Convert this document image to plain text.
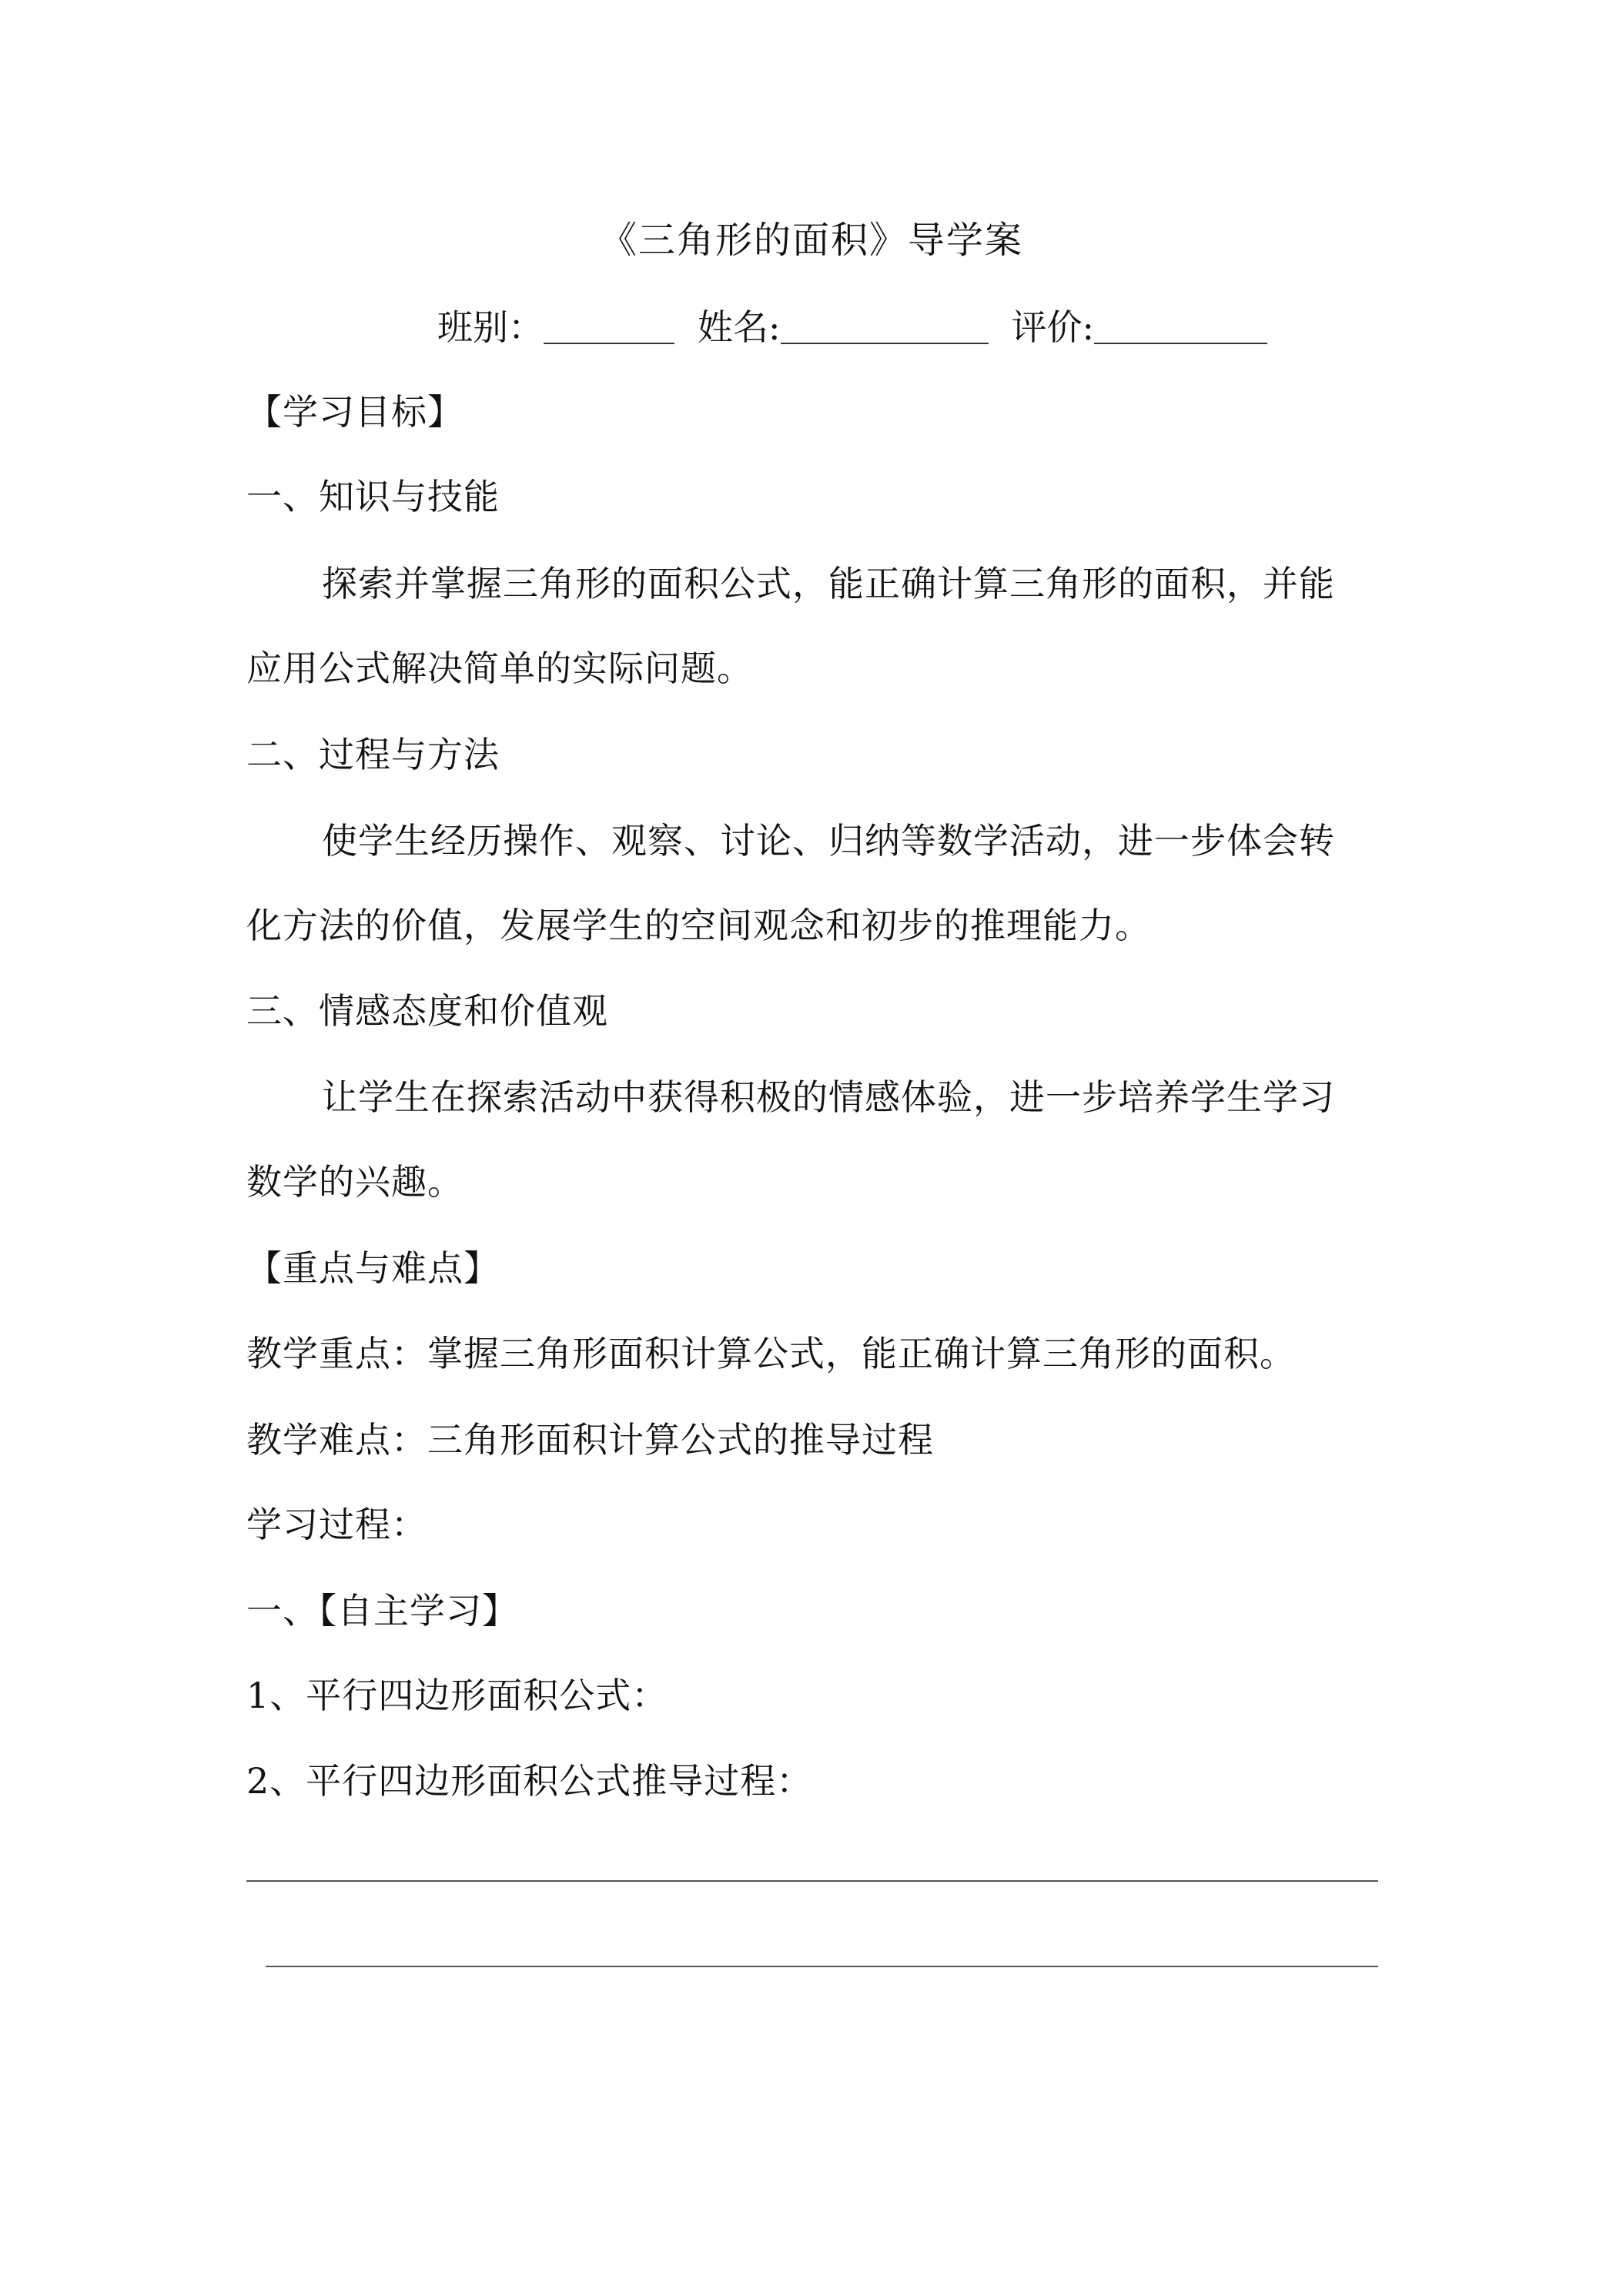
《三角形的面积》导学案
班别：	姓名:	评价:
【学习目标】
一、知识与技能
探索并掌握三角形的面积公式，能正确计算三角形的面积，并能
应用公式解决简单的实际问题。
二、过程与方法
使学生经历操作、观察、讨论、归纳等数学活动，进一步体会转
化方法的价值，发展学生的空间观念和初步的推理能力。
三、情感态度和价值观
让学生在探索活动中获得积极的情感体验，进一步培养学生学习
数学的兴趣。
【重点与难点】
教学重点：掌握三角形面积计算公式，能正确计算三角形的面积。
教学难点：三角形面积计算公式的推导过程
学习过程：
一、【自主学习】
1、平行四边形面积公式：
2、平行四边形面积公式推导过程：
